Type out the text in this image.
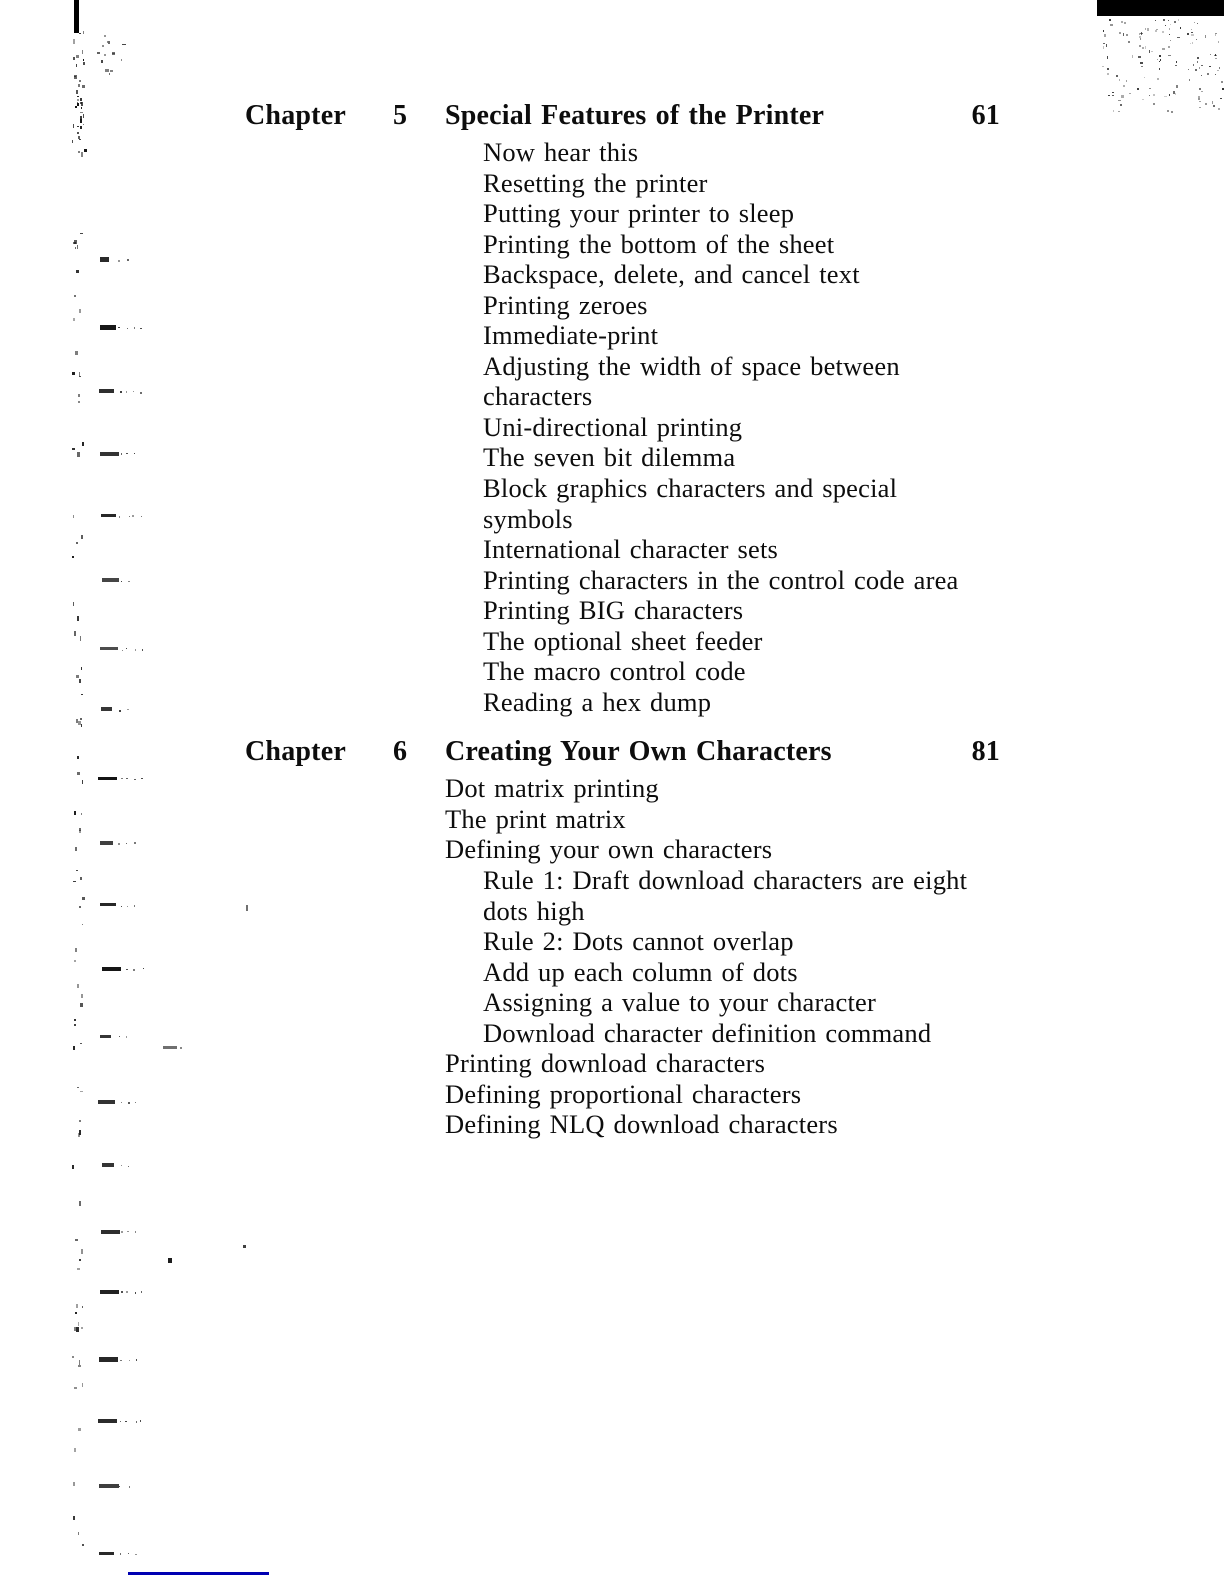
Chapter 5 Special Features of the Printer	61
Now hear this
Resetting the printer
Putting your printer to sleep
Printing the bottom of the sheet
Backspace, delete, and cancel text
Printing zeroes
Immediate-print
Adjusting the width of space between
characters
Uni-directional printing
The seven bit dilemma
Block graphics characters and special
symbols
International character sets
Printing characters in the control code area
Printing BIG characters
The optional sheet feeder
The macro control code
Reading a hex dump
Chapter 6 Creating Your Own Characters	81
Dot matrix printing
The print matrix
Defining your own characters
Rule 1: Draft download characters are eight
dots high
Rule 2: Dots cannot overlap
Add up each column of dots
Assigning a value to your character
Download character definition command
Printing download characters
Defining proportional characters
Defining NLQ download characters
